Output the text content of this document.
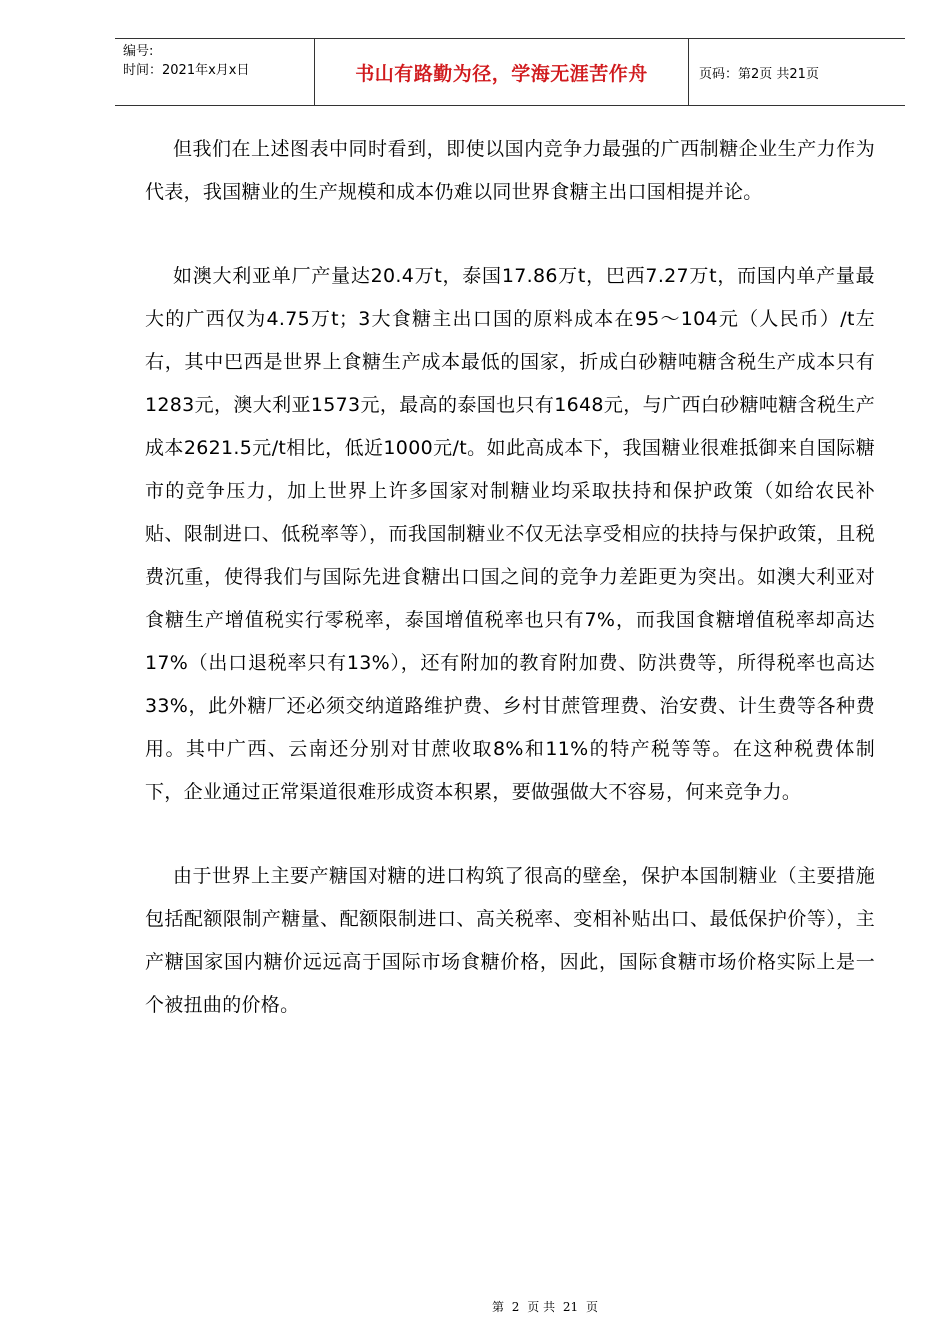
编号:
时间：2021年x月x日	书山有路勤为径，学海无涯苦作舟	页码：第2页 共21页

但我们在上述图表中同时看到，即使以国内竞争力最强的广西制糖企业生产力作为代表，我国糖业的生产规模和成本仍难以同世界食糖主出口国相提并论。

如澳大利亚单厂产量达20.4万t，泰国17.86万t，巴西7.27万t，而国内单产量最大的广西仅为4.75万t；3大食糖主出口国的原料成本在95～104元（人民币）/t左右，其中巴西是世界上食糖生产成本最低的国家，折成白砂糖吨糖含税生产成本只有1283元，澳大利亚1573元，最高的泰国也只有1648元，与广西白砂糖吨糖含税生产成本2621.5元/t相比，低近1000元/t。如此高成本下，我国糖业很难抵御来自国际糖市的竞争压力，加上世界上许多国家对制糖业均采取扶持和保护政策（如给农民补贴、限制进口、低税率等），而我国制糖业不仅无法享受相应的扶持与保护政策，且税费沉重，使得我们与国际先进食糖出口国之间的竞争力差距更为突出。如澳大利亚对食糖生产增值税实行零税率，泰国增值税率也只有7%，而我国食糖增值税率却高达17%（出口退税率只有13%），还有附加的教育附加费、防洪费等，所得税率也高达33%，此外糖厂还必须交纳道路维护费、乡村甘蔗管理费、治安费、计生费等各种费用。其中广西、云南还分别对甘蔗收取8%和11%的特产税等等。在这种税费体制下，企业通过正常渠道很难形成资本积累，要做强做大不容易，何来竞争力。

由于世界上主要产糖国对糖的进口构筑了很高的壁垒，保护本国制糖业（主要措施包括配额限制产糖量、配额限制进口、高关税率、变相补贴出口、最低保护价等），主产糖国家国内糖价远远高于国际市场食糖价格，因此，国际食糖市场价格实际上是一个被扭曲的价格。

第 2 页 共 21 页
